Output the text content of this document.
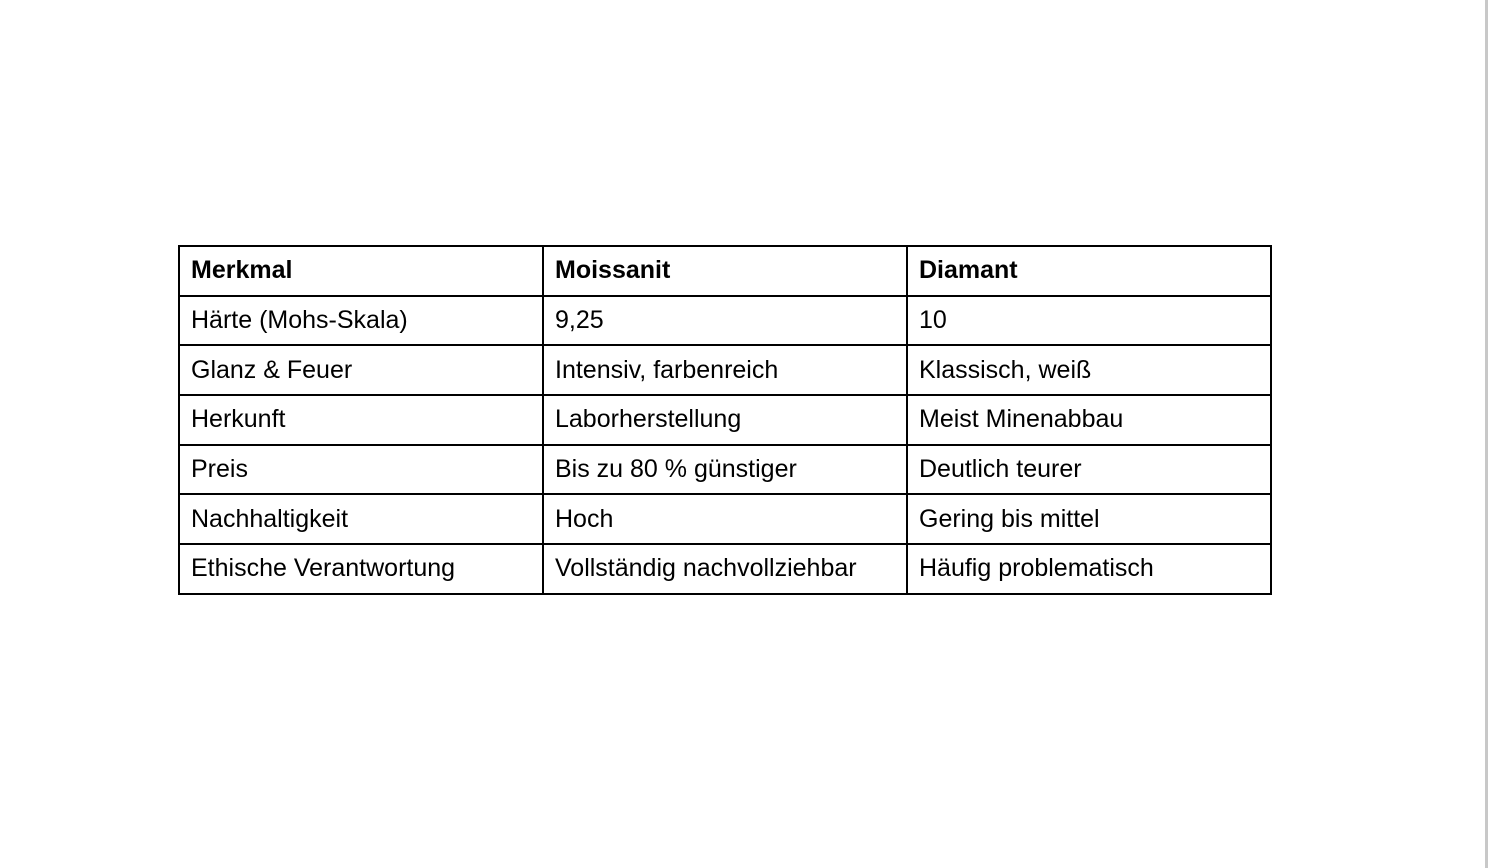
Merkmal	Moissanit	Diamant
Härte (Mohs-Skala)	9,25	10
Glanz & Feuer	Intensiv, farbenreich	Klassisch, weiß
Herkunft	Laborherstellung	Meist Minenabbau
Preis	Bis zu 80 % günstiger	Deutlich teurer
Nachhaltigkeit	Hoch	Gering bis mittel
Ethische Verantwortung	Vollständig nachvollziehbar	Häufig problematisch
